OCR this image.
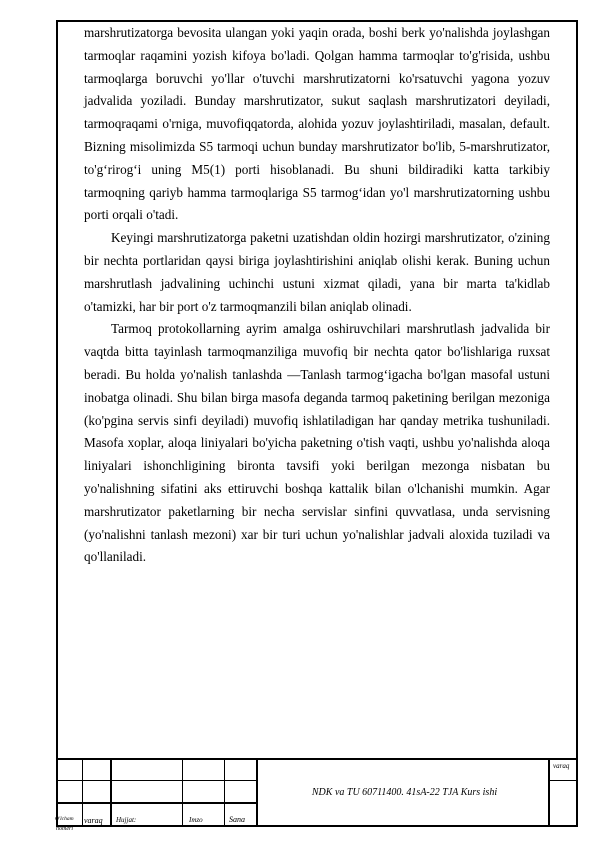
marshrutizatorga bevosita ulangan yoki yaqin orada, boshi berk yo'nalishda joylashgan tarmoqlar raqamini yozish kifoya bo'ladi. Qolgan hamma tarmoqlar to'g'risida, ushbu tarmoqlarga boruvchi yo'llar o'tuvchi marshrutizatorni ko'rsatuvchi yagona yozuv jadvalida yoziladi. Bunday marshrutizator, sukut saqlash marshrutizatori deyiladi, tarmoqraqami o'rniga, muvofiqqatorda, alohida yozuv joylashtiriladi, masalan, default. Bizning misolimizda S5 tarmoqi uchun bunday marshrutizator bo'lib, 5-marshrutizator, to'g‘rirog‘i uning M5(1) porti hisoblanadi. Bu shuni bildiradiki katta tarkibiy tarmoqning qariyb hamma tarmoqlariga S5 tarmog‘idan yo'l marshrutizatorning ushbu porti orqali o'tadi.

Keyingi marshrutizatorga paketni uzatishdan oldin hozirgi marshrutizator, o'zining bir nechta portlaridan qaysi biriga joylashtirishini aniqlab olishi kerak. Buning uchun marshrutlash jadvalining uchinchi ustuni xizmat qiladi, yana bir marta ta'kidlab o'tamizki, har bir port o'z tarmoqmanzili bilan aniqlab olinadi.

Tarmoq protokollarning ayrim amalga oshiruvchilari marshrutlash jadvalida bir vaqtda bitta tayinlash tarmoqmanziliga muvofiq bir nechta qator bo'lishlariga ruxsat beradi. Bu holda yo'nalish tanlashda ―Tanlash tarmog‘igacha bo'lgan masofa‖ ustuni inobatga olinadi. Shu bilan birga masofa deganda tarmoq paketining berilgan mezoniga (ko'pgina servis sinfi deyiladi) muvofiq ishlatiladigan har qanday metrika tushuniladi. Masofa xoplar, aloqa liniyalari bo'yicha paketning o'tish vaqti, ushbu yo'nalishda aloqa liniyalari ishonchligining bironta tavsifi yoki berilgan mezonga nisbatan bu yo'nalishning sifatini aks ettiruvchi boshqa kattalik bilan o'lchanishi mumkin. Agar marshrutizator paketlarning bir necha servislar sinfini quvvatlasa, unda servisning (yo'nalishni tanlash mezoni) xar bir turi uchun yo'nalishlar jadvali aloxida tuziladi va qo'llaniladi.

O'lcham varaq Hujjat:	Imzo	Sana
nomeri
NDK va TU 60711400. 41sA-22 TJA Kurs ishi
varaq
